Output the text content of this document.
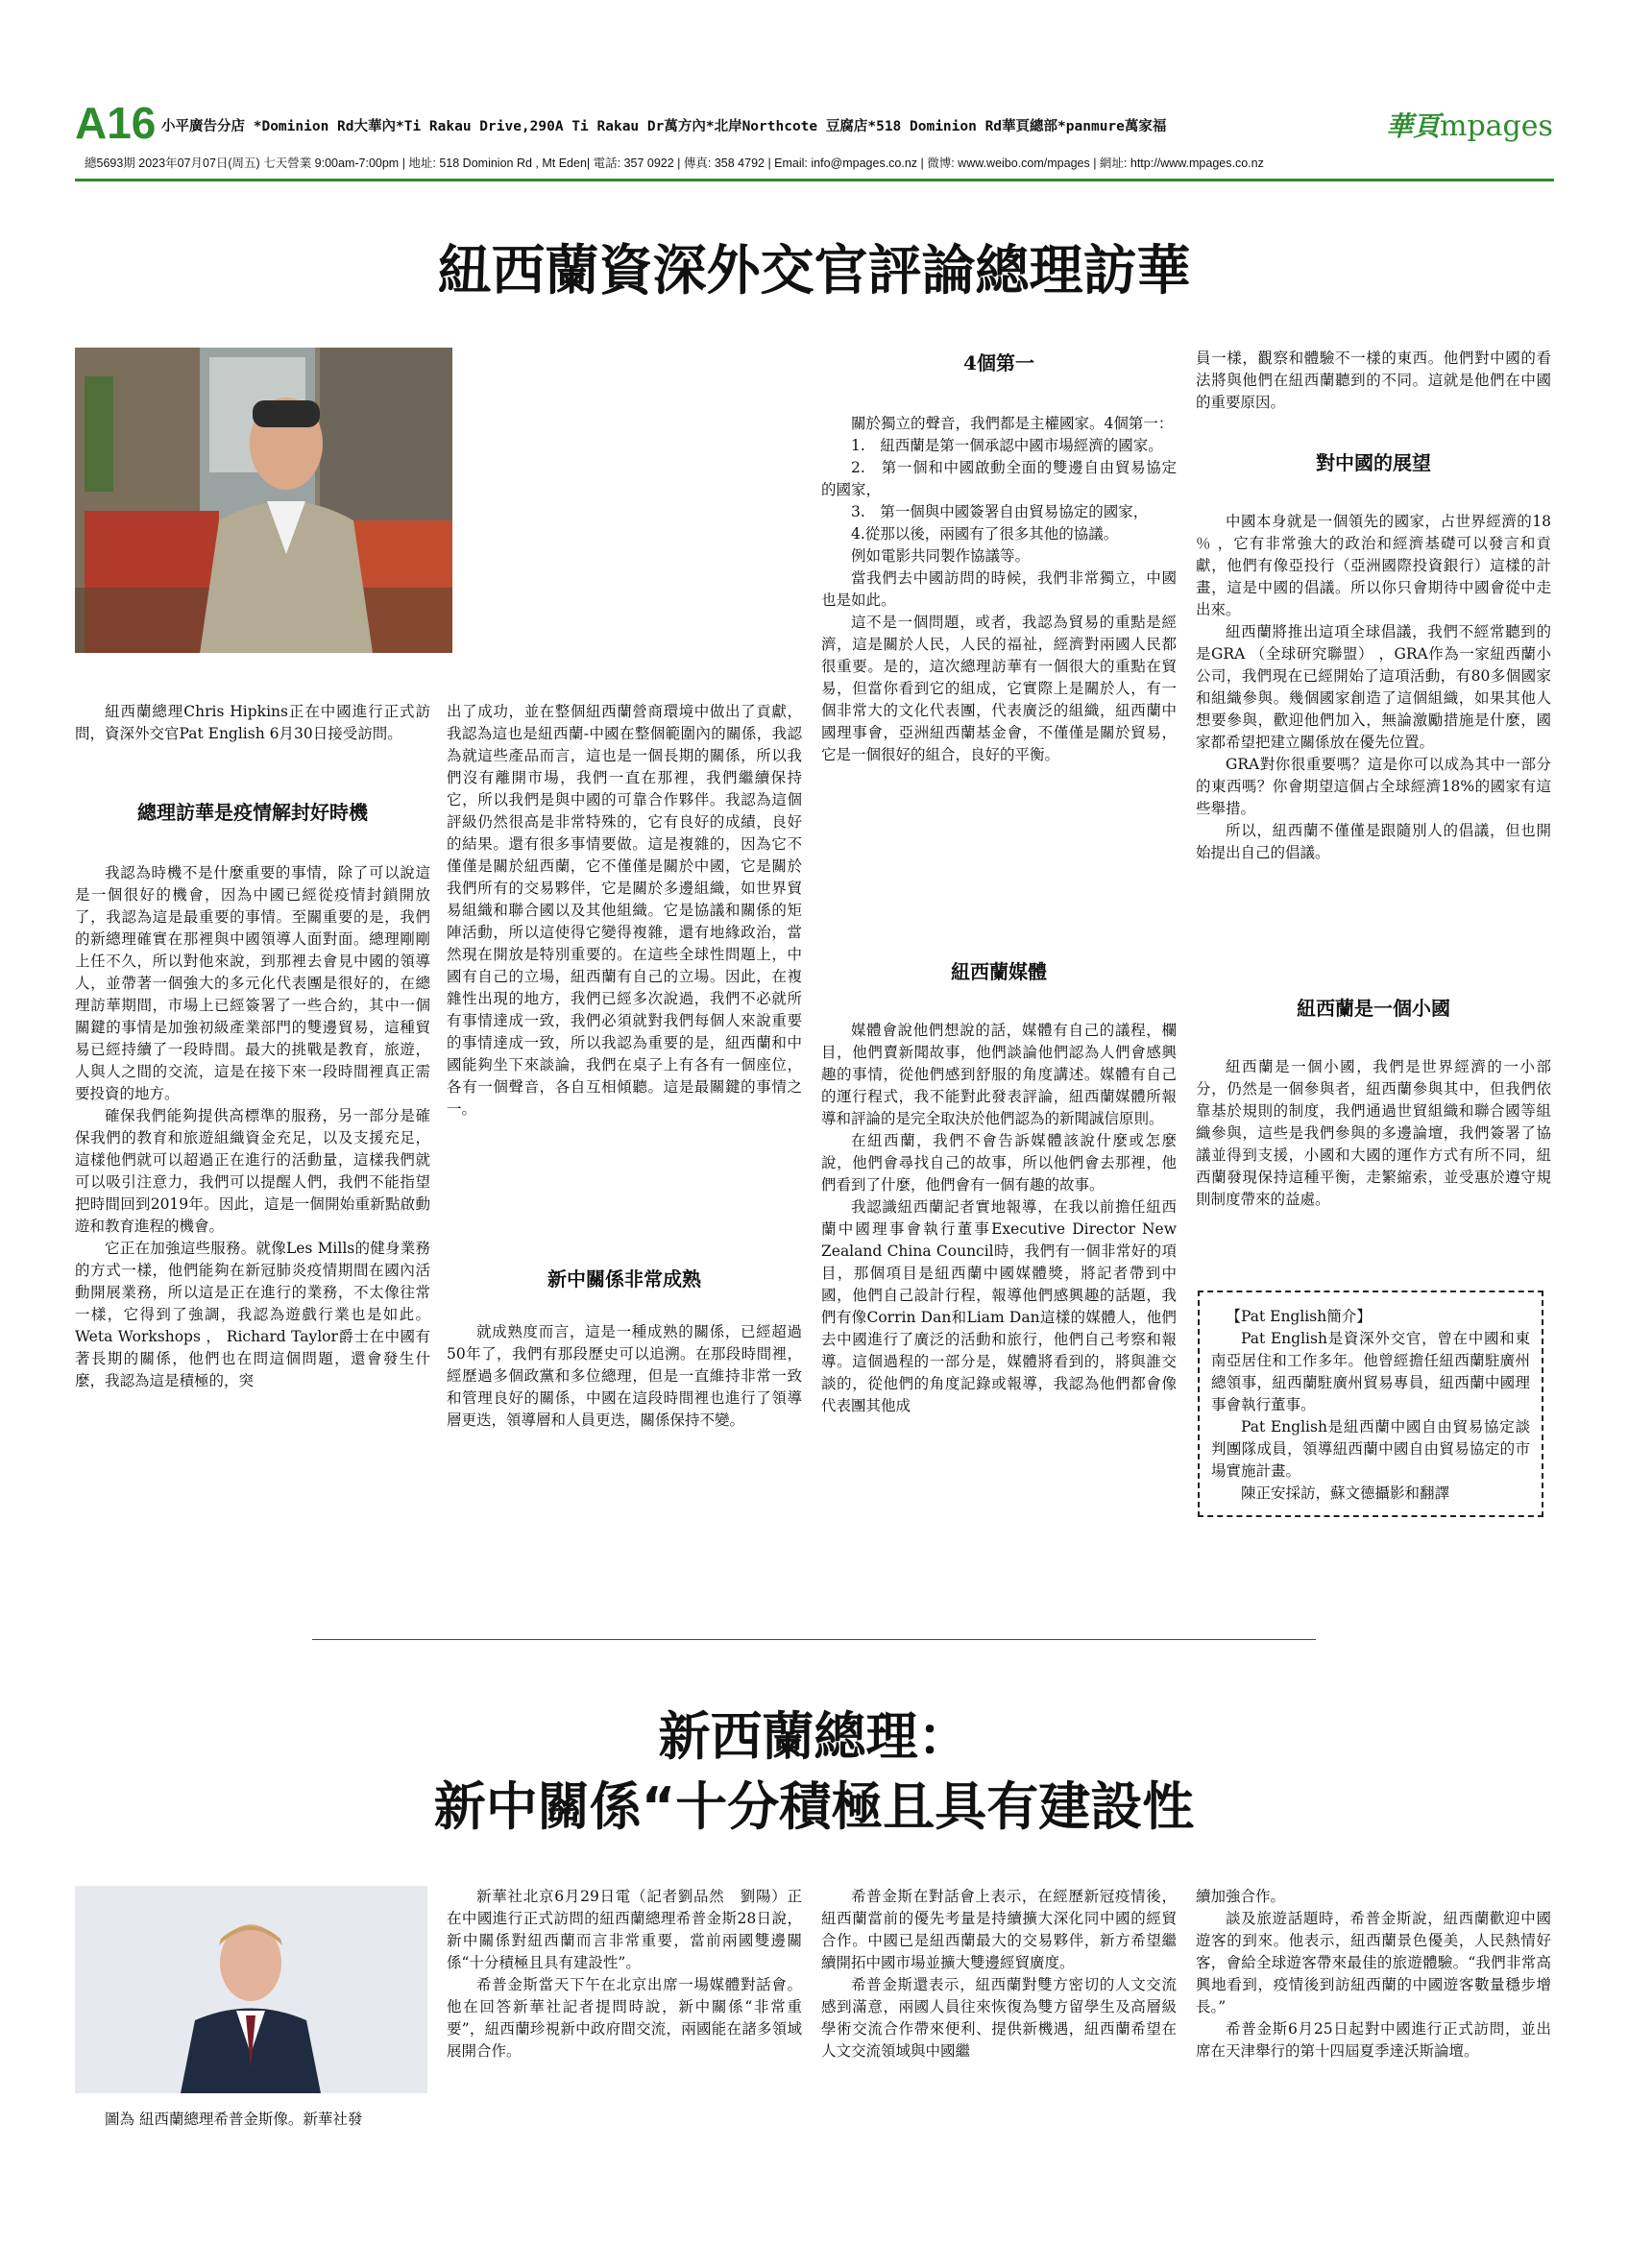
A16 小平廣告分店 *Dominion Rd大華內*Ti Rakau Drive,290A Ti Rakau Dr萬方內*北岸Northcote 豆腐店*518 Dominion Rd華頁總部*panmure萬家福
總5693期 2023年07月07日(周五) 七天營業 9:00am-7:00pm | 地址: 518 Dominion Rd , Mt Eden| 電話: 357 0922 | 傳真: 358 4792 | Email: info@mpages.co.nz | 微博: www.weibo.com/mpages | 網址: http://www.mpages.co.nz
華頁mpages
紐西蘭資深外交官評論總理訪華

紐西蘭總理Chris Hipkins正在中國進行正式訪問，資深外交官Pat English 6月30日接受訪問。

總理訪華是疫情解封好時機

我認為時機不是什麼重要的事情，除了可以說這是一個很好的機會，因為中國已經從疫情封鎖開放了，我認為這是最重要的事情。至關重要的是，我們的新總理確實在那裡與中國領導人面對面。總理剛剛上任不久，所以對他來說，到那裡去會見中國的領導人，並帶著一個強大的多元化代表團是很好的，在總理訪華期間，市場上已經簽署了一些合約，其中一個關鍵的事情是加強初級產業部門的雙邊貿易，這種貿易已經持續了一段時間。最大的挑戰是教育，旅遊，人與人之間的交流，這是在接下來一段時間裡真正需要投資的地方。

確保我們能夠提供高標準的服務，另一部分是確保我們的教育和旅遊組織資金充足，以及支援充足，這樣他們就可以超過正在進行的活動量，這樣我們就可以吸引注意力，我們可以提醒人們，我們不能指望把時間回到2019年。因此，這是一個開始重新點啟動遊和教育進程的機會。

它正在加強這些服務。就像Les Mills的健身業務的方式一樣，他們能夠在新冠肺炎疫情期間在國內活動開展業務，所以這是正在進行的業務，不太像往常一樣，它得到了強調，我認為遊戲行業也是如此。Weta Workshops ， Richard Taylor爵士在中國有著長期的關係，他們也在問這個問題，還會發生什麼，我認為這是積極的，突

出了成功，並在整個紐西蘭營商環境中做出了貢獻，我認為這也是紐西蘭-中國在整個範圍內的關係，我認為就這些產品而言，這也是一個長期的關係，所以我們沒有離開市場，我們一直在那裡，我們繼續保持它，所以我們是與中國的可靠合作夥伴。我認為這個評級仍然很高是非常特殊的，它有良好的成績，良好的結果。還有很多事情要做。這是複雜的，因為它不僅僅是關於紐西蘭，它不僅僅是關於中國，它是關於我們所有的交易夥伴，它是關於多邊組織，如世界貿易組織和聯合國以及其他組織。它是協議和關係的矩陣活動，所以這使得它變得複雜，還有地緣政治，當然現在開放是特別重要的。在這些全球性問題上，中國有自己的立場，紐西蘭有自己的立場。因此，在複雜性出現的地方，我們已經多次說過，我們不必就所有事情達成一致，我們必須就對我們每個人來說重要的事情達成一致，所以我認為重要的是，紐西蘭和中國能夠坐下來談論，我們在桌子上有各有一個座位，各有一個聲音，各自互相傾聽。這是最關鍵的事情之一。

新中關係非常成熟

就成熟度而言，這是一種成熟的關係，已經超過50年了，我們有那段歷史可以追溯。在那段時間裡，經歷過多個政黨和多位總理，但是一直維持非常一致和管理良好的關係，中國在這段時間裡也進行了領導層更迭，領導層和人員更迭，關係保持不變。

4個第一

關於獨立的聲音，我們都是主權國家。4個第一：

1.　紐西蘭是第一個承認中國市場經濟的國家。

2.　第一個和中國啟動全面的雙邊自由貿易協定的國家，

3.　第一個與中國簽署自由貿易協定的國家，

4.從那以後，兩國有了很多其他的協議。

例如電影共同製作協議等。

當我們去中國訪問的時候，我們非常獨立，中國也是如此。

這不是一個問題，或者，我認為貿易的重點是經濟，這是關於人民，人民的福祉，經濟對兩國人民都很重要。是的，這次總理訪華有一個很大的重點在貿易，但當你看到它的組成，它實際上是關於人，有一個非常大的文化代表團，代表廣泛的組織，紐西蘭中國理事會，亞洲紐西蘭基金會，不僅僅是關於貿易，它是一個很好的組合，良好的平衡。

紐西蘭媒體

媒體會說他們想說的話，媒體有自己的議程，欄目，他們賣新聞故事，他們談論他們認為人們會感興趣的事情，從他們感到舒服的角度講述。媒體有自己的運行程式，我不能對此發表評論，紐西蘭媒體所報導和評論的是完全取決於他們認為的新聞誠信原則。

在紐西蘭，我們不會告訴媒體該說什麼或怎麼說，他們會尋找自己的故事，所以他們會去那裡，他們看到了什麼，他們會有一個有趣的故事。

我認識紐西蘭記者實地報導，在我以前擔任紐西蘭中國理事會執行董事Executive Director New Zealand China Council時，我們有一個非常好的項目，那個項目是紐西蘭中國媒體獎，將記者帶到中國，他們自己設計行程，報導他們感興趣的話題，我們有像Corrin Dan和Liam Dan這樣的媒體人，他們去中國進行了廣泛的活動和旅行，他們自己考察和報導。這個過程的一部分是，媒體將看到的，將與誰交談的，從他們的角度記錄或報導，我認為他們都會像代表團其他成

員一樣，觀察和體驗不一樣的東西。他們對中國的看法將與他們在紐西蘭聽到的不同。這就是他們在中國的重要原因。

對中國的展望

中國本身就是一個領先的國家，占世界經濟的18 ％ ，它有非常強大的政治和經濟基礎可以發言和貢獻，他們有像亞投行（亞洲國際投資銀行）這樣的計畫，這是中國的倡議。所以你只會期待中國會從中走出來。

紐西蘭將推出這項全球倡議，我們不經常聽到的是GRA （全球研究聯盟） ，GRA作為一家紐西蘭小公司，我們現在已經開始了這項活動，有80多個國家和組織參與。幾個國家創造了這個組織，如果其他人想要參與，歡迎他們加入，無論激勵措施是什麼，國家都希望把建立關係放在優先位置。

GRA對你很重要嗎？這是你可以成為其中一部分的東西嗎？你會期望這個占全球經濟18%的國家有這些舉措。

所以，紐西蘭不僅僅是跟隨別人的倡議，但也開始提出自己的倡議。

紐西蘭是一個小國

紐西蘭是一個小國，我們是世界經濟的一小部分，仍然是一個參與者，紐西蘭參與其中，但我們依靠基於規則的制度，我們通過世貿組織和聯合國等組織參與，這些是我們參與的多邊論壇，我們簽署了協議並得到支援，小國和大國的運作方式有所不同，紐西蘭發現保持這種平衡，走繁縮索，並受惠於遵守規則制度帶來的益處。

【Pat English簡介】

Pat English是資深外交官，曾在中國和東南亞居住和工作多年。他曾經擔任紐西蘭駐廣州總領事，紐西蘭駐廣州貿易專員，紐西蘭中國理事會執行董事。

Pat English是紐西蘭中國自由貿易協定談判團隊成員，領導紐西蘭中國自由貿易協定的市場實施計畫。

陳正安採訪，蘇文德攝影和翻譯

新西蘭總理：
新中關係“十分積極且具有建設性

圖為 紐西蘭總理希普金斯像。新華社發

新華社北京6月29日電（記者劉品然　劉陽）正在中國進行正式訪問的紐西蘭總理希普金斯28日說，新中關係對紐西蘭而言非常重要，當前兩國雙邊關係“十分積極且具有建設性”。

希普金斯當天下午在北京出席一場媒體對話會。他在回答新華社記者提問時說，新中關係“非常重要”，紐西蘭珍視新中政府間交流，兩國能在諸多領域展開合作。

希普金斯在對話會上表示，在經歷新冠疫情後，紐西蘭當前的優先考量是持續擴大深化同中國的經貿合作。中國已是紐西蘭最大的交易夥伴，新方希望繼續開拓中國市場並擴大雙邊經貿廣度。

希普金斯還表示，紐西蘭對雙方密切的人文交流感到滿意，兩國人員往來恢復為雙方留學生及高層級學術交流合作帶來便利、提供新機遇，紐西蘭希望在人文交流領域與中國繼

續加強合作。

談及旅遊話題時，希普金斯說，紐西蘭歡迎中國遊客的到來。他表示，紐西蘭景色優美，人民熱情好客，會給全球遊客帶來最佳的旅遊體驗。“我們非常高興地看到，疫情後到訪紐西蘭的中國遊客數量穩步增長。”

希普金斯6月25日起對中國進行正式訪問，並出席在天津舉行的第十四屆夏季達沃斯論壇。
